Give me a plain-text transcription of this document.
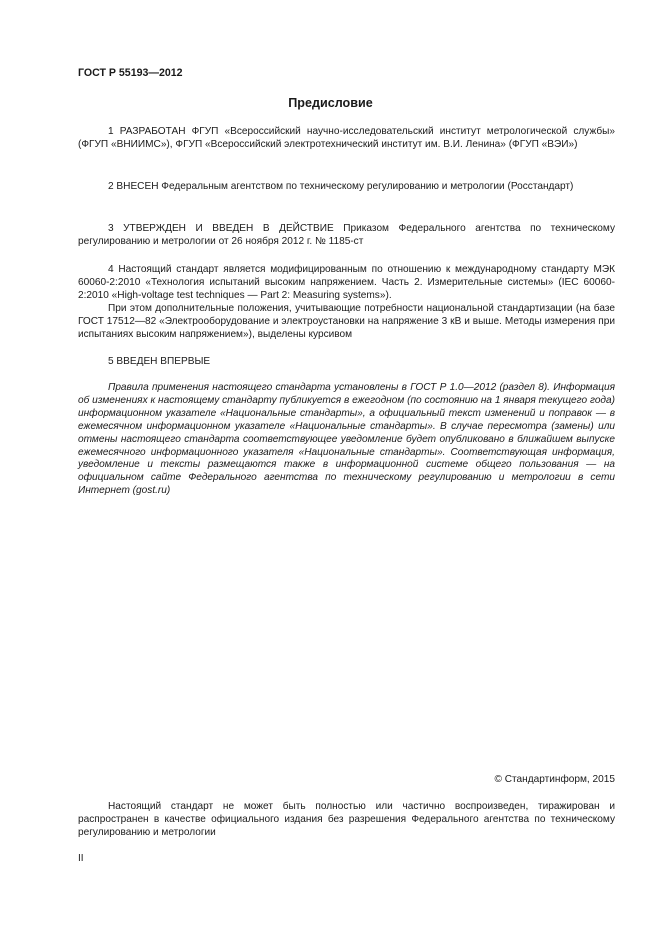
ГОСТ Р 55193—2012
Предисловие

1 РАЗРАБОТАН ФГУП «Всероссийский научно-исследовательский институт метрологической службы» (ФГУП «ВНИИМС»), ФГУП «Всероссийский электротехнический институт им. В.И. Ленина» (ФГУП «ВЭИ»)

2 ВНЕСЕН Федеральным агентством по техническому регулированию и метрологии (Росстандарт)

3 УТВЕРЖДЕН И ВВЕДЕН В ДЕЙСТВИЕ Приказом Федерального агентства по техническому регулированию и метрологии от 26 ноября 2012 г. № 1185-ст

4 Настоящий стандарт является модифицированным по отношению к международному стандарту МЭК 60060-2:2010 «Технология испытаний высоким напряжением. Часть 2. Измерительные системы» (IEC 60060-2:2010 «High-voltage test techniques — Part 2: Measuring systems»).

При этом дополнительные положения, учитывающие потребности национальной стандартизации (на базе ГОСТ 17512—82 «Электрооборудование и электроустановки на напряжение 3 кВ и выше. Методы измерения при испытаниях высоким напряжением»), выделены курсивом

5 ВВЕДЕН ВПЕРВЫЕ

Правила применения настоящего стандарта установлены в ГОСТ Р 1.0—2012 (раздел 8). Информация об изменениях к настоящему стандарту публикуется в ежегодном (по состоянию на 1 января текущего года) информационном указателе «Национальные стандарты», а официальный текст изменений и поправок — в ежемесячном информационном указателе «Национальные стандарты». В случае пересмотра (замены) или отмены настоящего стандарта соответствующее уведомление будет опубликовано в ближайшем выпуске ежемесячного информационного указателя «Национальные стандарты». Соответствующая информация, уведомление и тексты размещаются также в информационной системе общего пользования — на официальном сайте Федерального агентства по техническому регулированию и метрологии в сети Интернет (gost.ru)

© Стандартинформ, 2015

Настоящий стандарт не может быть полностью или частично воспроизведен, тиражирован и распространен в качестве официального издания без разрешения Федерального агентства по техническому регулированию и метрологии

II
